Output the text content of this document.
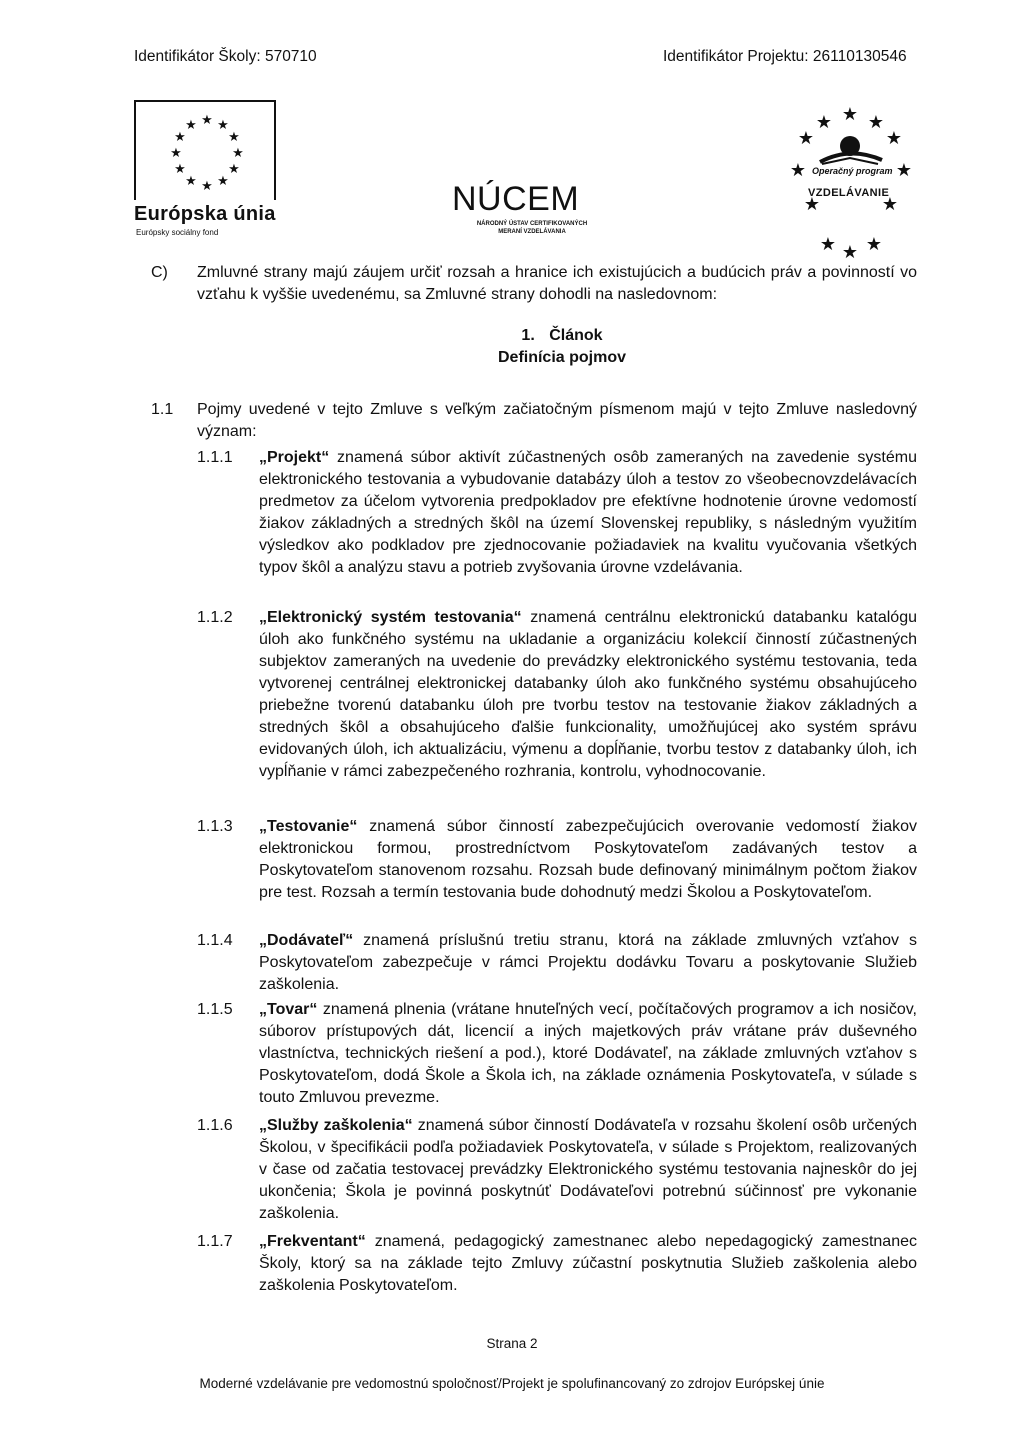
Identifikátor Školy: 570710	Identifikátor Projektu: 26110130546
★ ★
★
★
★
★
★
★
★
★
★
★
Európska únia
Európsky sociálny fond
NÚCEM
NÁRODNÝ ÚSTAV CERTIFIKOVANÝCH MERANÍ VZDELÁVANIA
★
★ ★
★	★
★	★
★	★
★ ★ ★
Operačný program
VZDELÁVANIE
C) Zmluvné strany majú záujem určiť rozsah a hranice ich existujúcich a budúcich práv a povinností vo vzťahu k vyššie uvedenému, sa Zmluvné strany dohodli na nasledovnom:
1. Článok
Definícia pojmov
1.1 Pojmy uvedené v tejto Zmluve s veľkým začiatočným písmenom majú v tejto Zmluve nasledovný význam:
1.1.1 „Projekt“ znamená súbor aktivít zúčastnených osôb zameraných na zavedenie systému elektronického testovania a vybudovanie databázy úloh a testov zo všeobecnovzdelávacích predmetov za účelom vytvorenia predpokladov pre efektívne hodnotenie úrovne vedomostí žiakov základných a stredných škôl na území Slovenskej republiky, s následným využitím výsledkov ako podkladov pre zjednocovanie požiadaviek na kvalitu vyučovania všetkých typov škôl a analýzu stavu a potrieb zvyšovania úrovne vzdelávania.
1.1.2 „Elektronický systém testovania“ znamená centrálnu elektronickú databanku katalógu úloh ako funkčného systému na ukladanie a organizáciu kolekcií činností zúčastnených subjektov zameraných na uvedenie do prevádzky elektronického systému testovania, teda vytvorenej centrálnej elektronickej databanky úloh ako funkčného systému obsahujúceho priebežne tvorenú databanku úloh pre tvorbu testov na testovanie žiakov základných a stredných škôl a obsahujúceho ďalšie funkcionality, umožňujúcej ako systém správu evidovaných úloh, ich aktualizáciu, výmenu a dopĺňanie, tvorbu testov z databanky úloh, ich vypĺňanie v rámci zabezpečeného rozhrania, kontrolu, vyhodnocovanie.
1.1.3 „Testovanie“ znamená súbor činností zabezpečujúcich overovanie vedomostí žiakov elektronickou formou, prostredníctvom Poskytovateľom zadávaných testov a Poskytovateľom stanovenom rozsahu. Rozsah bude definovaný minimálnym počtom žiakov pre test. Rozsah a termín testovania bude dohodnutý medzi Školou a Poskytovateľom.
1.1.4 „Dodávateľ“ znamená príslušnú tretiu stranu, ktorá na základe zmluvných vzťahov s Poskytovateľom zabezpečuje v rámci Projektu dodávku Tovaru a poskytovanie Služieb zaškolenia.
1.1.5 „Tovar“ znamená plnenia (vrátane hnuteľných vecí, počítačových programov a ich nosičov, súborov prístupových dát, licencií a iných majetkových práv vrátane práv duševného vlastníctva, technických riešení a pod.), ktoré Dodávateľ, na základe zmluvných vzťahov s Poskytovateľom, dodá Škole a Škola ich, na základe oznámenia Poskytovateľa, v súlade s touto Zmluvou prevezme.
1.1.6 „Služby zaškolenia“ znamená súbor činností Dodávateľa v rozsahu školení osôb určených Školou, v špecifikácii podľa požiadaviek Poskytovateľa, v súlade s Projektom, realizovaných v čase od začatia testovacej prevádzky Elektronického systému testovania najneskôr do jej ukončenia; Škola je povinná poskytnúť Dodávateľovi potrebnú súčinnosť pre vykonanie zaškolenia.
1.1.7 „Frekventant“ znamená, pedagogický zamestnanec alebo nepedagogický zamestnanec Školy, ktorý sa na základe tejto Zmluvy zúčastní poskytnutia Služieb zaškolenia alebo zaškolenia Poskytovateľom.
Strana 2
Moderné vzdelávanie pre vedomostnú spoločnosť/Projekt je spolufinancovaný zo zdrojov Európskej únie
